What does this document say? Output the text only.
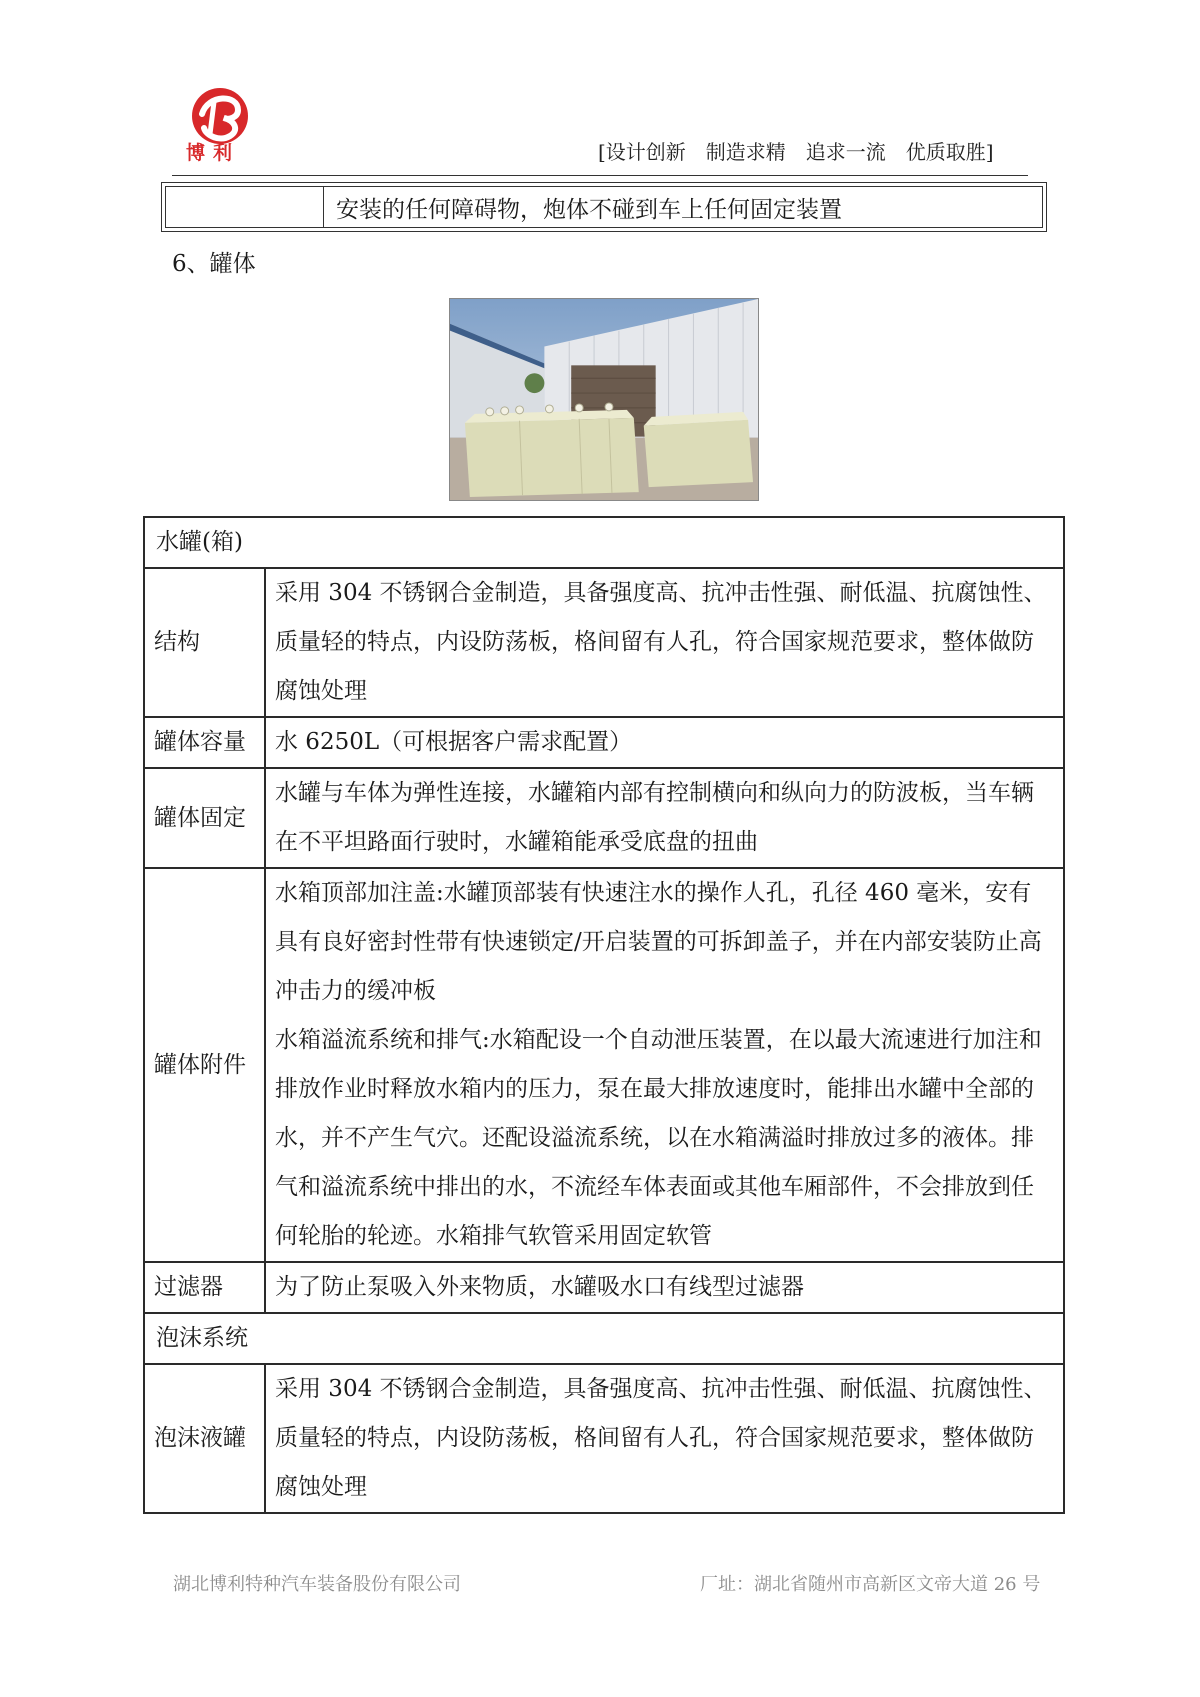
博利	[设计创新　制造求精　追求一流　优质取胜]
安装的任何障碍物，炮体不碰到车上任何固定装置
6、罐体
水罐(箱)	
结构	采用 304 不锈钢合金制造，具备强度高、抗冲击性强、耐低温、抗腐蚀性、质量轻的特点，内设防荡板，格间留有人孔，符合国家规范要求，整体做防腐蚀处理

罐体容量	水 6250L（可根据客户需求配置）

罐体固定	水罐与车体为弹性连接，水罐箱内部有控制横向和纵向力的防波板，当车辆在不平坦路面行驶时，水罐箱能承受底盘的扭曲

罐体附件	水箱顶部加注盖:水罐顶部装有快速注水的操作人孔，孔径 460 毫米，安有具有良好密封性带有快速锁定/开启装置的可拆卸盖子，并在内部安装防止高冲击力的缓冲板
水箱溢流系统和排气:水箱配设一个自动泄压装置，在以最大流速进行加注和排放作业时释放水箱内的压力，泵在最大排放速度时，能排出水罐中全部的水，并不产生气穴。还配设溢流系统，以在水箱满溢时排放过多的液体。排气和溢流系统中排出的水，不流经车体表面或其他车厢部件，不会排放到任何轮胎的轮迹。水箱排气软管采用固定软管

过滤器	为了防止泵吸入外来物质，水罐吸水口有线型过滤器

泡沫系统	
泡沫液罐	采用 304 不锈钢合金制造，具备强度高、抗冲击性强、耐低温、抗腐蚀性、质量轻的特点，内设防荡板，格间留有人孔，符合国家规范要求，整体做防腐蚀处理
湖北博利特种汽车装备股份有限公司	厂址：湖北省随州市高新区文帝大道 26 号
